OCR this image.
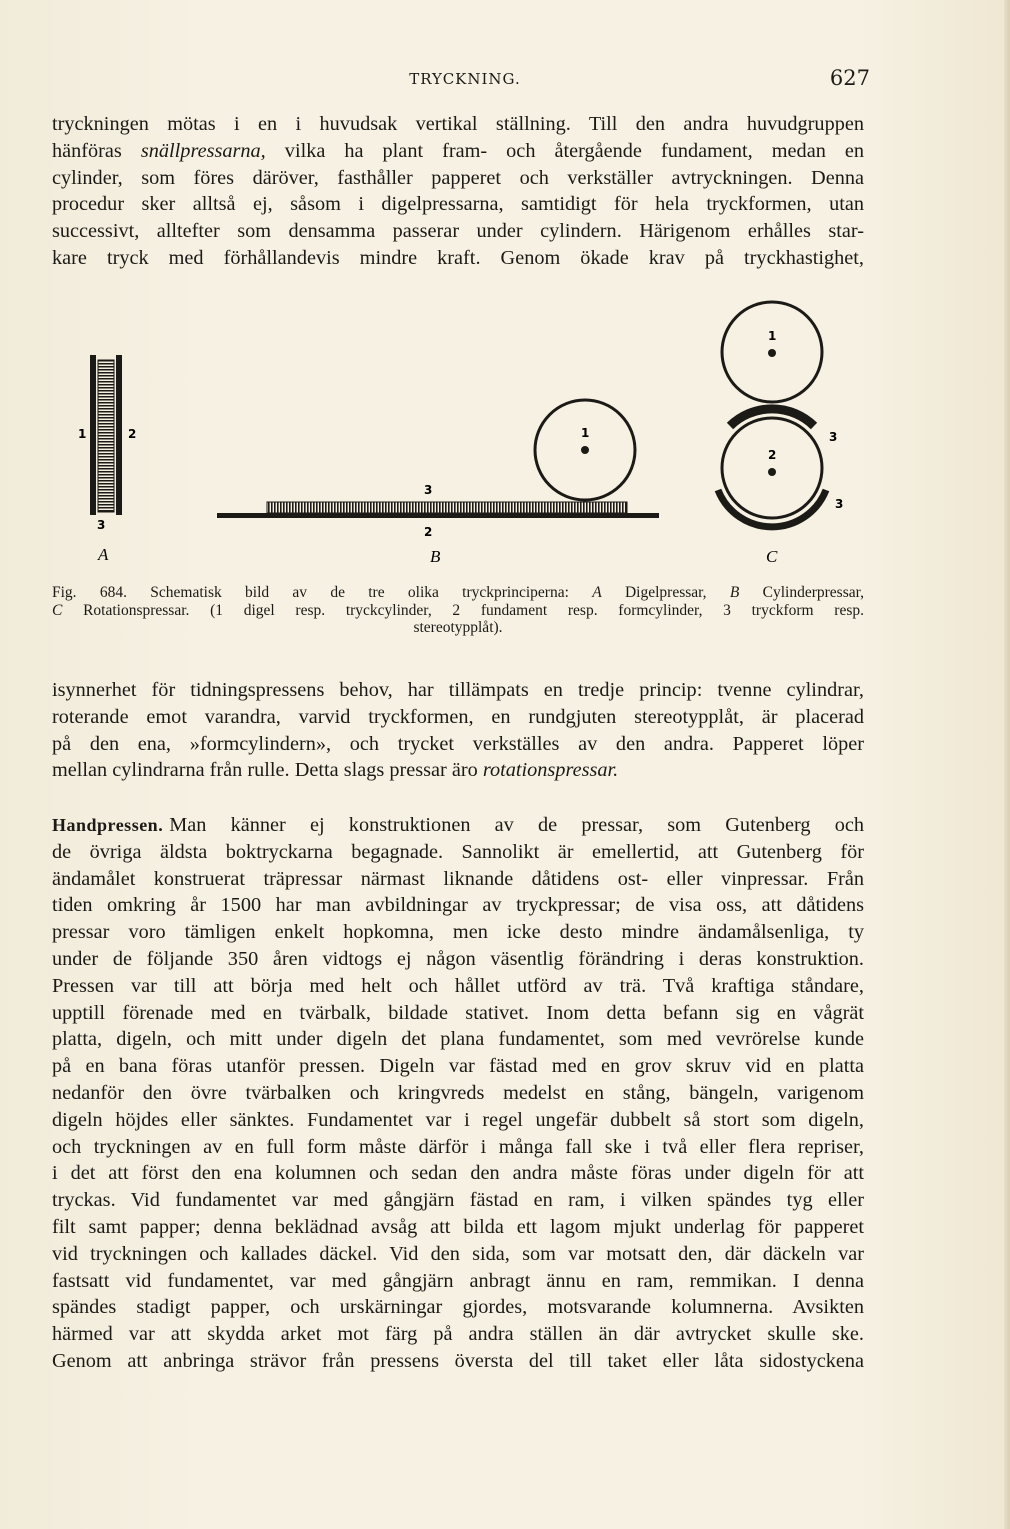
TRYCKNING.	627
tryckningen mötas i en i huvudsak vertikal ställning. Till den andra huvudgruppen
hänföras snällpressarna, vilka ha plant fram- och återgående fundament, medan en
cylinder, som föres däröver, fasthåller papperet och verkställer avtryckningen. Denna
procedur sker alltså ej, såsom i digelpressarna, samtidigt för hela tryckformen, utan
successivt, alltefter som densamma passerar under cylindern. Härigenom erhålles star-
kare tryck med förhållandevis mindre kraft. Genom ökade krav på tryckhastighet,
1	2
3
A
1
3
2
B
1
2
3
3
C
Fig. 684. Schematisk bild av de tre olika tryckprinciperna: A Digelpressar, B Cylinderpressar,
C Rotationspressar. (1 digel resp. tryckcylinder, 2 fundament resp. formcylinder, 3 tryckform resp.
stereotypplåt).
isynnerhet för tidningspressens behov, har tillämpats en tredje princip: tvenne cylindrar,
roterande emot varandra, varvid tryckformen, en rundgjuten stereotypplåt, är placerad
på den ena, »formcylindern», och trycket verkställes av den andra. Papperet löper
mellan cylindrarna från rulle. Detta slags pressar äro rotationspressar.
Handpressen. Man känner ej konstruktionen av de pressar, som Gutenberg och
de övriga äldsta boktryckarna begagnade. Sannolikt är emellertid, att Gutenberg för
ändamålet konstruerat träpressar närmast liknande dåtidens ost- eller vinpressar. Från
tiden omkring år 1500 har man avbildningar av tryckpressar; de visa oss, att dåtidens
pressar voro tämligen enkelt hopkomna, men icke desto mindre ändamålsenliga, ty
under de följande 350 åren vidtogs ej någon väsentlig förändring i deras konstruktion.
Pressen var till att börja med helt och hållet utförd av trä. Två kraftiga ståndare,
upptill förenade med en tvärbalk, bildade stativet. Inom detta befann sig en vågrät
platta, digeln, och mitt under digeln det plana fundamentet, som med vevrörelse kunde
på en bana föras utanför pressen. Digeln var fästad med en grov skruv vid en platta
nedanför den övre tvärbalken och kringvreds medelst en stång, bängeln, varigenom
digeln höjdes eller sänktes. Fundamentet var i regel ungefär dubbelt så stort som digeln,
och tryckningen av en full form måste därför i många fall ske i två eller flera repriser,
i det att först den ena kolumnen och sedan den andra måste föras under digeln för att
tryckas. Vid fundamentet var med gångjärn fästad en ram, i vilken spändes tyg eller
filt samt papper; denna beklädnad avsåg att bilda ett lagom mjukt underlag för papperet
vid tryckningen och kallades däckel. Vid den sida, som var motsatt den, där däckeln var
fastsatt vid fundamentet, var med gångjärn anbragt ännu en ram, remmikan. I denna
spändes stadigt papper, och urskärningar gjordes, motsvarande kolumnerna. Avsikten
härmed var att skydda arket mot färg på andra ställen än där avtrycket skulle ske.
Genom att anbringa strävor från pressens översta del till taket eller låta sidostyckena
